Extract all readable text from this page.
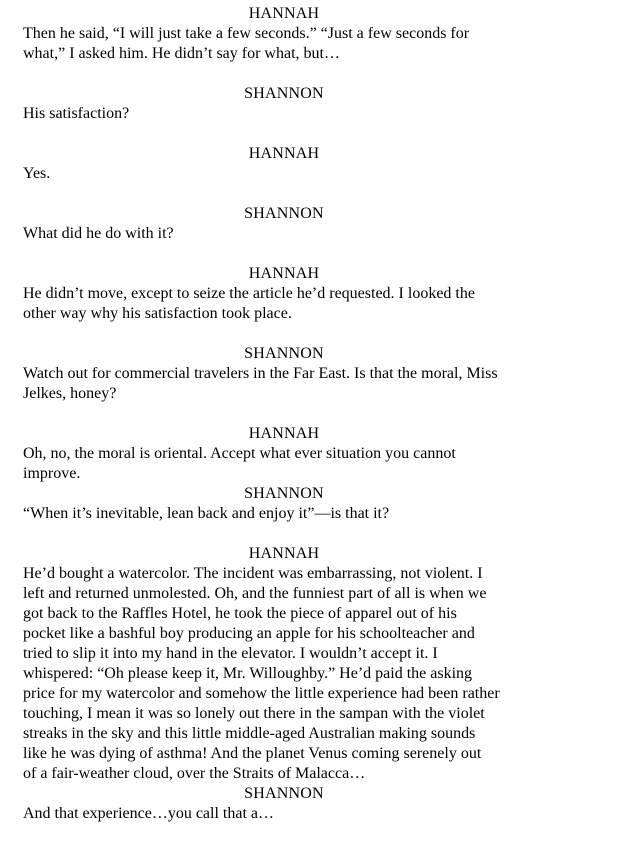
HANNAH
Then he said, “I will just take a few seconds.” “Just a few seconds for
what,” I asked him. He didn’t say for what, but…
SHANNON
His satisfaction?
HANNAH
Yes.
SHANNON
What did he do with it?
HANNAH
He didn’t move, except to seize the article he’d requested. I looked the
other way why his satisfaction took place.
SHANNON
Watch out for commercial travelers in the Far East. Is that the moral, Miss
Jelkes, honey?
HANNAH
Oh, no, the moral is oriental. Accept what ever situation you cannot
improve.
SHANNON
“When it’s inevitable, lean back and enjoy it”—is that it?
HANNAH
He’d bought a watercolor. The incident was embarrassing, not violent. I
left and returned unmolested. Oh, and the funniest part of all is when we
got back to the Raffles Hotel, he took the piece of apparel out of his
pocket like a bashful boy producing an apple for his schoolteacher and
tried to slip it into my hand in the elevator. I wouldn’t accept it. I
whispered: “Oh please keep it, Mr. Willoughby.” He’d paid the asking
price for my watercolor and somehow the little experience had been rather
touching, I mean it was so lonely out there in the sampan with the violet
streaks in the sky and this little middle-aged Australian making sounds
like he was dying of asthma! And the planet Venus coming serenely out
of a fair-weather cloud, over the Straits of Malacca…
SHANNON
And that experience…you call that a…
